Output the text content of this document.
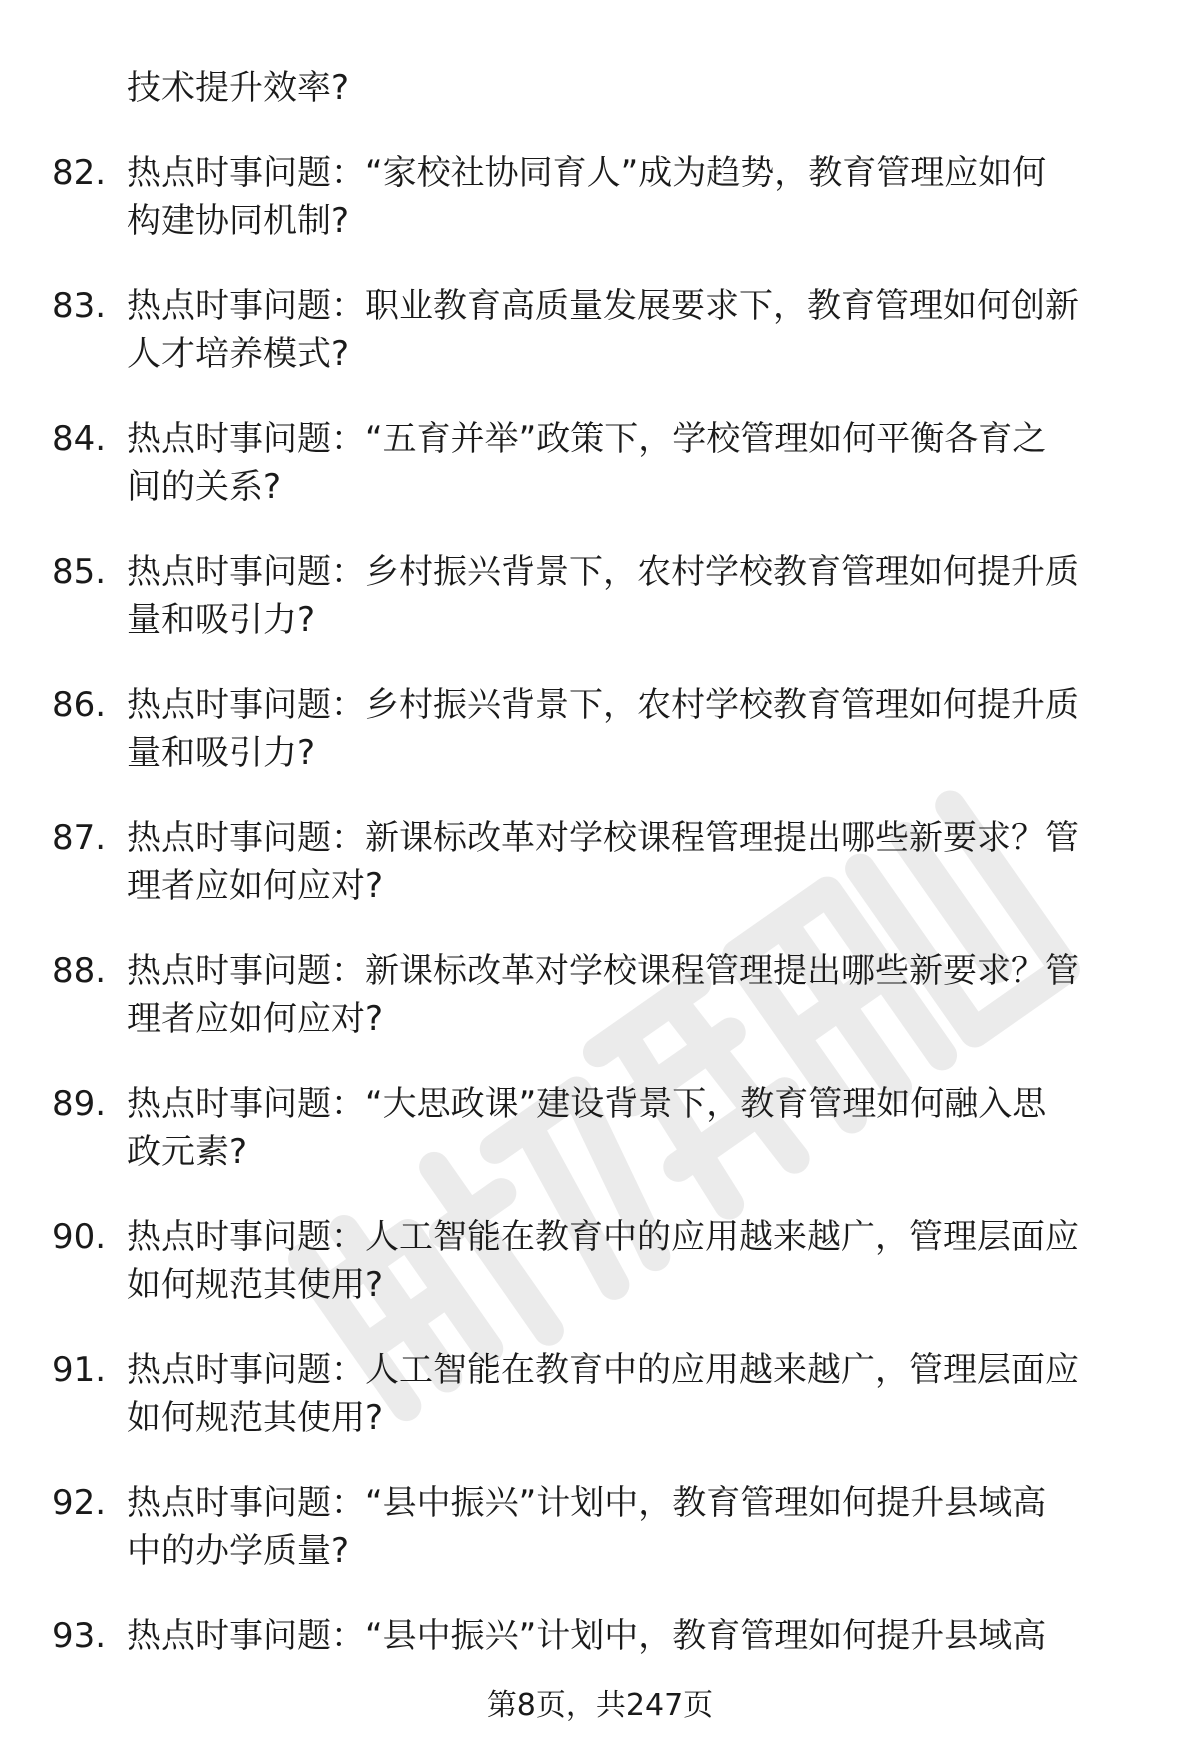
技术提升效率?
82. 热点时事问题：“家校社协同育人”成为趋势，教育管理应如何
构建协同机制?
83. 热点时事问题：职业教育高质量发展要求下，教育管理如何创新
人才培养模式?
84. 热点时事问题：“五育并举”政策下，学校管理如何平衡各育之
间的关系?
85. 热点时事问题：乡村振兴背景下，农村学校教育管理如何提升质
量和吸引力?
86. 热点时事问题：乡村振兴背景下，农村学校教育管理如何提升质
量和吸引力?
87. 热点时事问题：新课标改革对学校课程管理提出哪些新要求？管
理者应如何应对?
88. 热点时事问题：新课标改革对学校课程管理提出哪些新要求？管
理者应如何应对?
89. 热点时事问题：“大思政课”建设背景下，教育管理如何融入思
政元素?
90. 热点时事问题：人工智能在教育中的应用越来越广，管理层面应
如何规范其使用?
91. 热点时事问题：人工智能在教育中的应用越来越广，管理层面应
如何规范其使用?
92. 热点时事问题：“县中振兴”计划中，教育管理如何提升县域高
中的办学质量?
93. 热点时事问题：“县中振兴”计划中，教育管理如何提升县域高
第8页，共247页
